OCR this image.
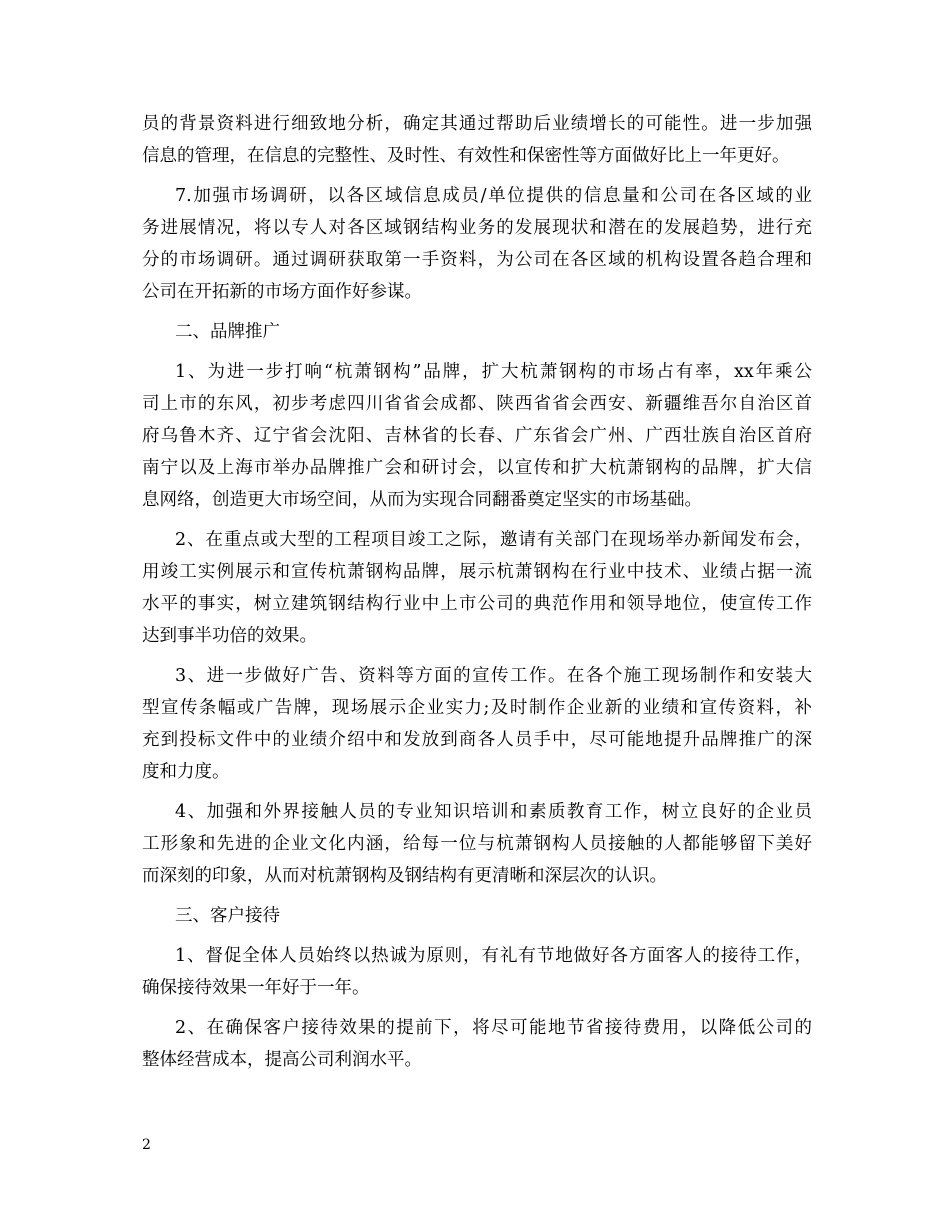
员的背景资料进行细致地分析，确定其通过帮助后业绩增长的可能性。进一步加强
信息的管理，在信息的完整性、及时性、有效性和保密性等方面做好比上一年更好。
7.加强市场调研，以各区域信息成员/单位提供的信息量和公司在各区域的业
务进展情况，将以专人对各区域钢结构业务的发展现状和潜在的发展趋势，进行充
分的市场调研。通过调研获取第一手资料，为公司在各区域的机构设置各趋合理和
公司在开拓新的市场方面作好参谋。
二、品牌推广
1、为进一步打响“杭萧钢构”品牌，扩大杭萧钢构的市场占有率，xx年乘公
司上市的东风，初步考虑四川省省会成都、陕西省省会西安、新疆维吾尔自治区首
府乌鲁木齐、辽宁省会沈阳、吉林省的长春、广东省会广州、广西壮族自治区首府
南宁以及上海市举办品牌推广会和研讨会，以宣传和扩大杭萧钢构的品牌，扩大信
息网络，创造更大市场空间，从而为实现合同翻番奠定坚实的市场基础。
2、在重点或大型的工程项目竣工之际，邀请有关部门在现场举办新闻发布会，
用竣工实例展示和宣传杭萧钢构品牌，展示杭萧钢构在行业中技术、业绩占据一流
水平的事实，树立建筑钢结构行业中上市公司的典范作用和领导地位，使宣传工作
达到事半功倍的效果。
3、进一步做好广告、资料等方面的宣传工作。在各个施工现场制作和安装大
型宣传条幅或广告牌，现场展示企业实力;及时制作企业新的业绩和宣传资料，补
充到投标文件中的业绩介绍中和发放到商各人员手中，尽可能地提升品牌推广的深
度和力度。
4、加强和外界接触人员的专业知识培训和素质教育工作，树立良好的企业员
工形象和先进的企业文化内涵，给每一位与杭萧钢构人员接触的人都能够留下美好
而深刻的印象，从而对杭萧钢构及钢结构有更清晰和深层次的认识。
三、客户接待
1、督促全体人员始终以热诚为原则，有礼有节地做好各方面客人的接待工作，
确保接待效果一年好于一年。
2、在确保客户接待效果的提前下，将尽可能地节省接待费用，以降低公司的
整体经营成本，提高公司利润水平。
2
